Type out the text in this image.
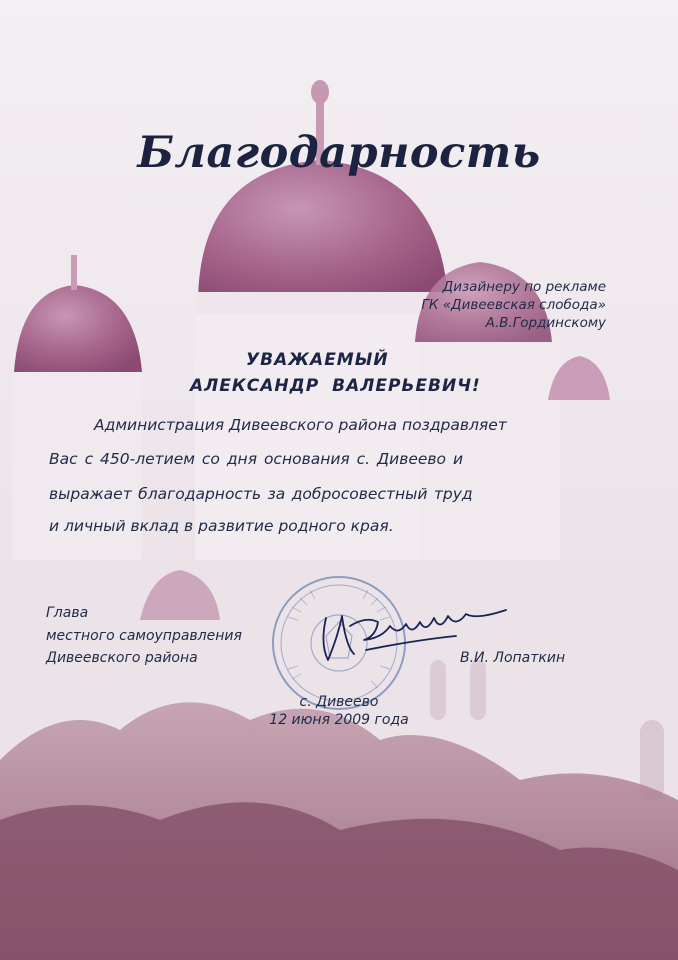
Благодарность
Дизайнеру по рекламе
ГК «Дивеевская слобода»
А.В.Гординскому
УВАЖАЕМЫЙ
АЛЕКСАНДР ВАЛЕРЬЕВИЧ!
Администрация Дивеевского района поздравляет
Вас с 450-летием со дня основания с. Дивеево и
выражает благодарность за добросовестный труд
и личный вклад в развитие родного края.
Глава
местного самоуправления
Дивеевского района	В.И. Лопаткин
с. Дивеево
12 июня 2009 года
